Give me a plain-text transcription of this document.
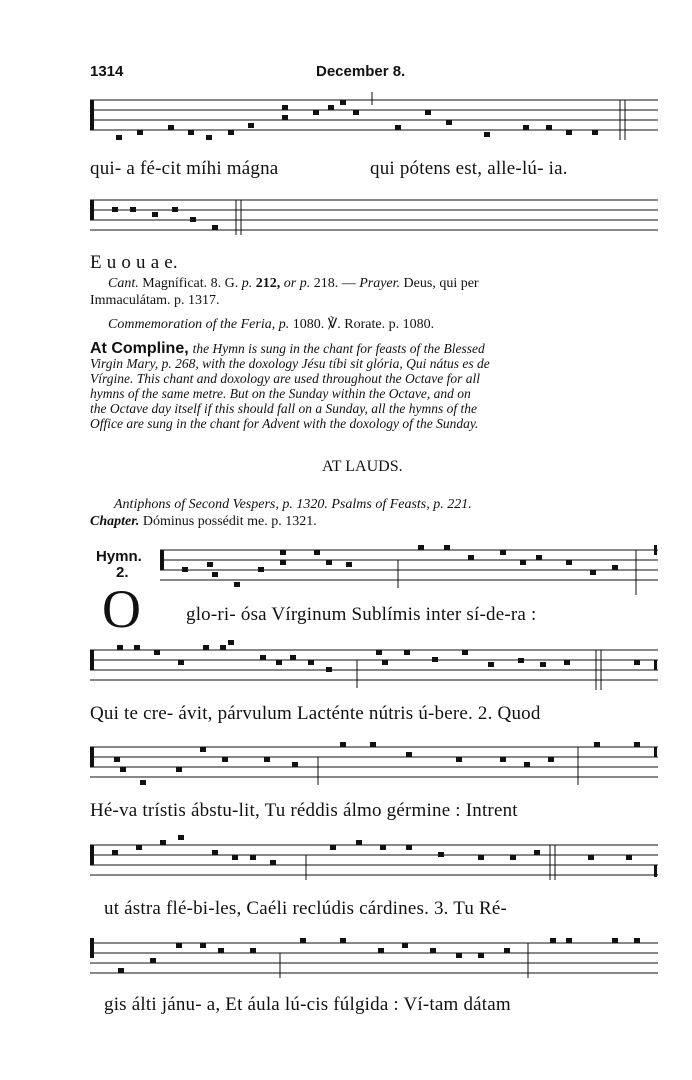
1314	December 8.
qui- a fé-cit míhi mágna	qui pótens est, alle-lú- ia.
E u o u a e.
Cant. Magníficat. 8. G. p. 212, or p. 218. — Prayer. Deus, qui per
Immaculátam. p. 1317.
Commemoration of the Feria, p. 1080. ℣. Rorate. p. 1080.
At Compline, the Hymn is sung in the chant for feasts of the Blessed
Virgin Mary, p. 268, with the doxology Jésu tíbi sit glória, Qui nátus es de
Vírgine. This chant and doxology are used throughout the Octave for all
hymns of the same metre. But on the Sunday within the Octave, and on
the Octave day itself if this should fall on a Sunday, all the hymns of the
Office are sung in the chant for Advent with the doxology of the Sunday.
AT LAUDS.
Antiphons of Second Vespers, p. 1320. Psalms of Feasts, p. 221.
Chapter. Dóminus possédit me. p. 1321.
Hymn.
2.
O glo-ri- ósa Vírginum Sublímis inter sí-de-ra :
Qui te cre- ávit, párvulum Lacténte nútris ú-bere. 2. Quod
Hé-va trístis ábstu-lit, Tu réddis álmo gérmine : Intrent
ut ástra flé-bi-les, Caéli reclúdis cárdines. 3. Tu Ré-
gis álti jánu- a, Et áula lú-cis fúlgida : Ví-tam dátam
